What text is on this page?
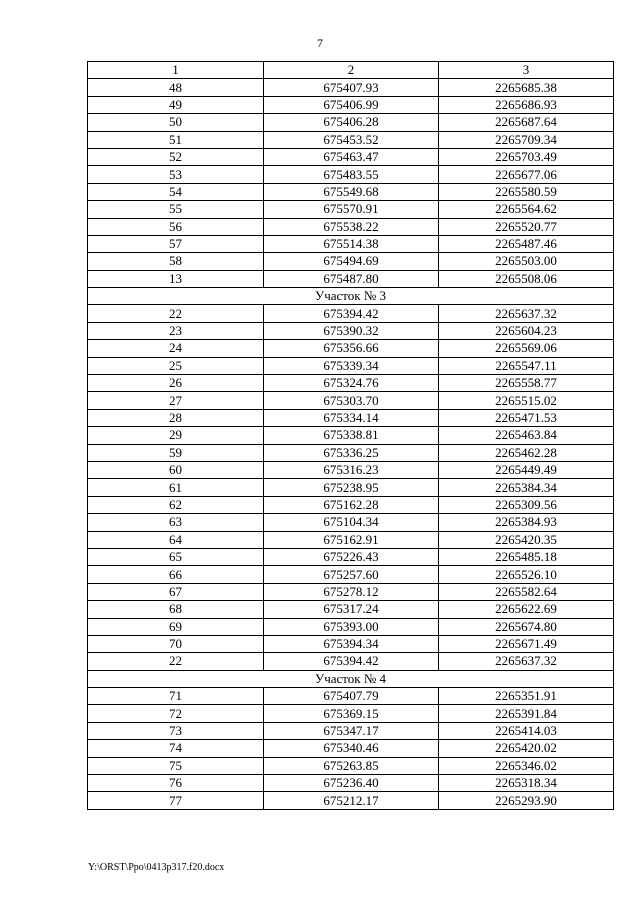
7
1	2	3
48	675407.93	2265685.38
49	675406.99	2265686.93
50	675406.28	2265687.64
51	675453.52	2265709.34
52	675463.47	2265703.49
53	675483.55	2265677.06
54	675549.68	2265580.59
55	675570.91	2265564.62
56	675538.22	2265520.77
57	675514.38	2265487.46
58	675494.69	2265503.00
13	675487.80	2265508.06
Участок № 3		
22	675394.42	2265637.32
23	675390.32	2265604.23
24	675356.66	2265569.06
25	675339.34	2265547.11
26	675324.76	2265558.77
27	675303.70	2265515.02
28	675334.14	2265471.53
29	675338.81	2265463.84
59	675336.25	2265462.28
60	675316.23	2265449.49
61	675238.95	2265384.34
62	675162.28	2265309.56
63	675104.34	2265384.93
64	675162.91	2265420.35
65	675226.43	2265485.18
66	675257.60	2265526.10
67	675278.12	2265582.64
68	675317.24	2265622.69
69	675393.00	2265674.80
70	675394.34	2265671.49
22	675394.42	2265637.32
Участок № 4		
71	675407.79	2265351.91
72	675369.15	2265391.84
73	675347.17	2265414.03
74	675340.46	2265420.02
75	675263.85	2265346.02
76	675236.40	2265318.34
77	675212.17	2265293.90
Y:\ORST\Ppo\0413p317.f20.docx
